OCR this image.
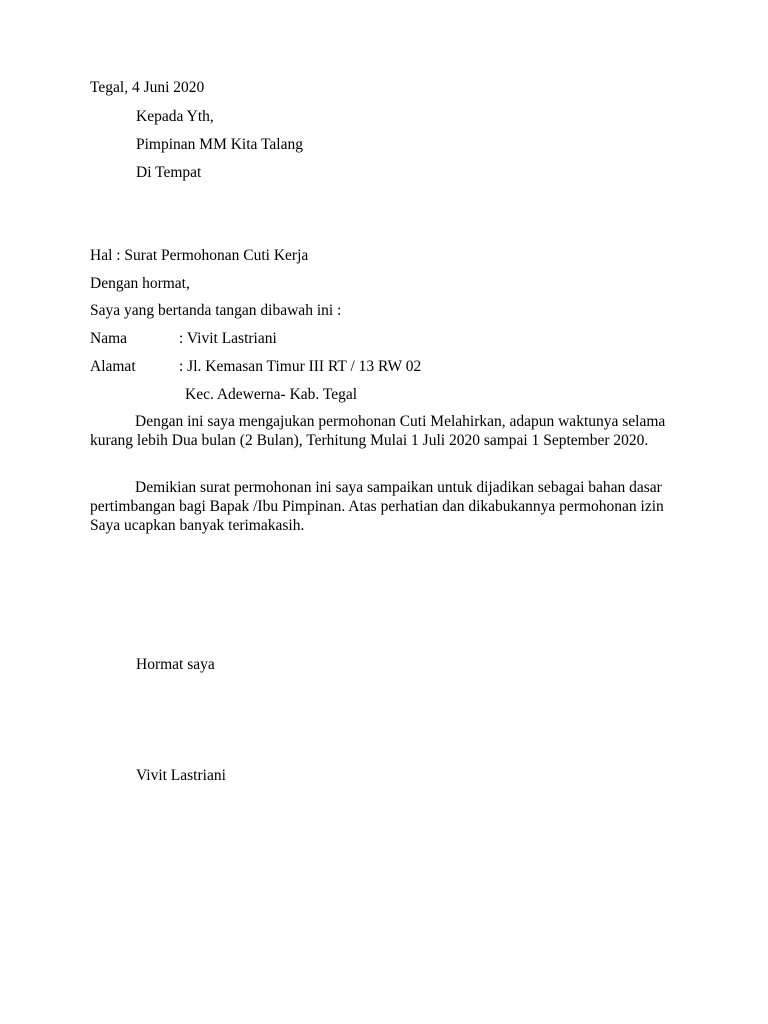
Tegal, 4 Juni 2020
Kepada Yth,
Pimpinan MM Kita Talang
Di Tempat
Hal : Surat Permohonan Cuti Kerja
Dengan hormat,
Saya yang bertanda tangan dibawah ini :
Nama	: Vivit Lastriani
Alamat	: Jl. Kemasan Timur III RT / 13 RW 02
Kec. Adewerna- Kab. Tegal
Dengan ini saya mengajukan permohonan Cuti Melahirkan, adapun waktunya selama kurang lebih Dua bulan (2 Bulan), Terhitung Mulai 1 Juli 2020 sampai 1 September 2020.
Demikian surat permohonan ini saya sampaikan untuk dijadikan sebagai bahan dasar pertimbangan bagi Bapak /Ibu Pimpinan. Atas perhatian dan dikabukannya permohonan izin Saya ucapkan banyak terimakasih.
Hormat saya
Vivit Lastriani
